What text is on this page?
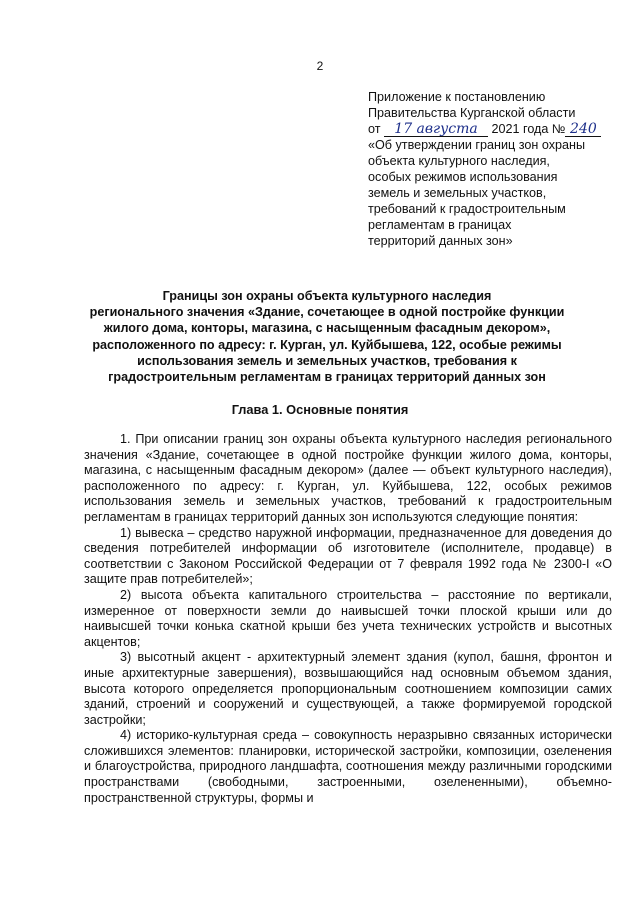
2
Приложение к постановлению
Правительства Курганской области
от 17 августа 2021 года № 240
«Об утверждении границ зон охраны
объекта культурного наследия,
особых режимов использования
земель и земельных участков,
требований к градостроительным
регламентам в границах
территорий данных зон»
Границы зон охраны объекта культурного наследия
регионального значения «Здание, сочетающее в одной постройке функции
жилого дома, конторы, магазина, с насыщенным фасадным декором»,
расположенного по адресу: г. Курган, ул. Куйбышева, 122, особые режимы
использования земель и земельных участков, требования к
градостроительным регламентам в границах территорий данных зон
Глава 1. Основные понятия

1. При описании границ зон охраны объекта культурного наследия регионального значения «Здание, сочетающее в одной постройке функции жилого дома, конторы, магазина, с насыщенным фасадным декором» (далее — объект культурного наследия), расположенного по адресу: г. Курган, ул. Куйбышева, 122, особых режимов использования земель и земельных участков, требований к градостроительным регламентам в границах территорий данных зон используются следующие понятия:

1) вывеска – средство наружной информации, предназначенное для доведения до сведения потребителей информации об изготовителе (исполнителе, продавце) в соответствии с Законом Российской Федерации от 7 февраля 1992 года № 2300-I «О защите прав потребителей»;

2) высота объекта капитального строительства – расстояние по вертикали, измеренное от поверхности земли до наивысшей точки плоской крыши или до наивысшей точки конька скатной крыши без учета технических устройств и высотных акцентов;

3) высотный акцент - архитектурный элемент здания (купол, башня, фронтон и иные архитектурные завершения), возвышающийся над основным объемом здания, высота которого определяется пропорциональным соотношением композиции самих зданий, строений и сооружений и существующей, а также формируемой городской застройки;

4) историко-культурная среда – совокупность неразрывно связанных исторически сложившихся элементов: планировки, исторической застройки, композиции, озеленения и благоустройства, природного ландшафта, соотношения между различными городскими пространствами (свободными, застроенными, озелененными), объемно-пространственной структуры, формы и
